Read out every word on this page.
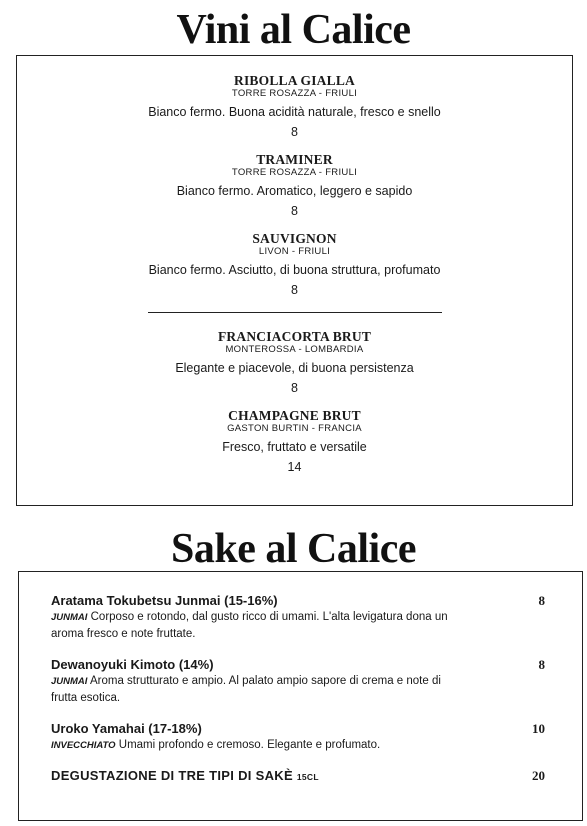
Vini al Calice
RIBOLLA GIALLA
TORRE ROSAZZA - FRIULI
Bianco fermo. Buona acidità naturale, fresco e snello
8
TRAMINER
TORRE ROSAZZA - FRIULI
Bianco fermo. Aromatico, leggero e sapido
8
SAUVIGNON
LIVON - FRIULI
Bianco fermo. Asciutto, di buona struttura, profumato
8
FRANCIACORTA BRUT
MONTEROSSA - LOMBARDIA
Elegante e piacevole, di buona persistenza
8
CHAMPAGNE BRUT
GASTON BURTIN - FRANCIA
Fresco, fruttato e versatile
14
Sake al Calice
Aratama Tokubetsu Junmai (15-16%)
JUNMAI Corposo e rotondo, dal gusto ricco di umami. L'alta levigatura dona un aroma fresco e note fruttate.
8
Dewanoyuki Kimoto (14%)
JUNMAI Aroma strutturato e ampio. Al palato ampio sapore di crema e note di frutta esotica.
8
Uroko Yamahai (17-18%)
INVECCHIATO Umami profondo e cremoso. Elegante e profumato.
10
DEGUSTAZIONE DI TRE TIPI DI SAKÈ 15CL	20
